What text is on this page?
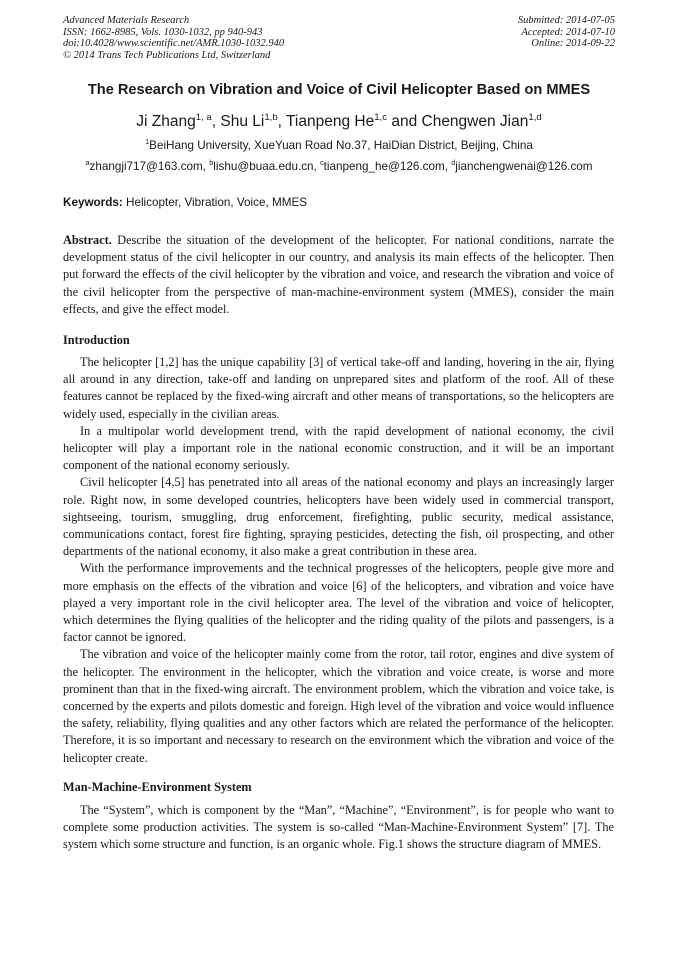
Advanced Materials Research
ISSN: 1662-8985, Vols. 1030-1032, pp 940-943
doi:10.4028/www.scientific.net/AMR.1030-1032.940
© 2014 Trans Tech Publications Ltd, Switzerland
Submitted: 2014-07-05
Accepted: 2014-07-10
Online: 2014-09-22
The Research on Vibration and Voice of Civil Helicopter Based on MMES
Ji Zhang$^{1, a}$, Shu Li$^{1,b}$, Tianpeng He$^{1,c}$ and Chengwen Jian$^{1,d}$
$^1$BeiHang University, XueYuan Road No.37, HaiDian District, Beijing, China
$^a$zhangji717@163.com, $^b$lishu@buaa.edu.cn, $^c$tianpeng_he@126.com, $^d$jianchengwenai@126.com
Keywords: Helicopter, Vibration, Voice, MMES

Abstract. Describe the situation of the development of the helicopter. For national conditions, narrate the development status of the civil helicopter in our country, and analysis its main effects of the helicopter. Then put forward the effects of the civil helicopter by the vibration and voice, and research the vibration and voice of the civil helicopter from the perspective of man-machine-environment system (MMES), consider the main effects, and give the effect model.

Introduction

The helicopter [1,2] has the unique capability [3] of vertical take-off and landing, hovering in the air, flying all around in any direction, take-off and landing on unprepared sites and platform of the roof. All of these features cannot be replaced by the fixed-wing aircraft and other means of transportations, so the helicopters are widely used, especially in the civilian areas.

In a multipolar world development trend, with the rapid development of national economy, the civil helicopter will play a important role in the national economic construction, and it will be an important component of the national economy seriously.

Civil helicopter [4,5] has penetrated into all areas of the national economy and plays an increasingly larger role. Right now, in some developed countries, helicopters have been widely used in commercial transport, sightseeing, tourism, smuggling, drug enforcement, firefighting, public security, medical assistance, communications contact, forest fire fighting, spraying pesticides, detecting the fish, oil prospecting, and other departments of the national economy, it also make a great contribution in these area.

With the performance improvements and the technical progresses of the helicopters, people give more and more emphasis on the effects of the vibration and voice [6] of the helicopters, and vibration and voice have played a very important role in the civil helicopter area. The level of the vibration and voice of helicopter, which determines the flying qualities of the helicopter and the riding quality of the pilots and passengers, is a factor cannot be ignored.

The vibration and voice of the helicopter mainly come from the rotor, tail rotor, engines and dive system of the helicopter. The environment in the helicopter, which the vibration and voice create, is worse and more prominent than that in the fixed-wing aircraft. The environment problem, which the vibration and voice take, is concerned by the experts and pilots domestic and foreign. High level of the vibration and voice would influence the safety, reliability, flying qualities and any other factors which are related the performance of the helicopter. Therefore, it is so important and necessary to research on the environment which the vibration and voice of the helicopter create.

Man-Machine-Environment System

The “System”, which is component by the “Man”, “Machine”, “Environment”, is for people who want to complete some production activities. The system is so-called “Man-Machine-Environment System” [7]. The system which some structure and function, is an organic whole. Fig.1 shows the structure diagram of MMES.
